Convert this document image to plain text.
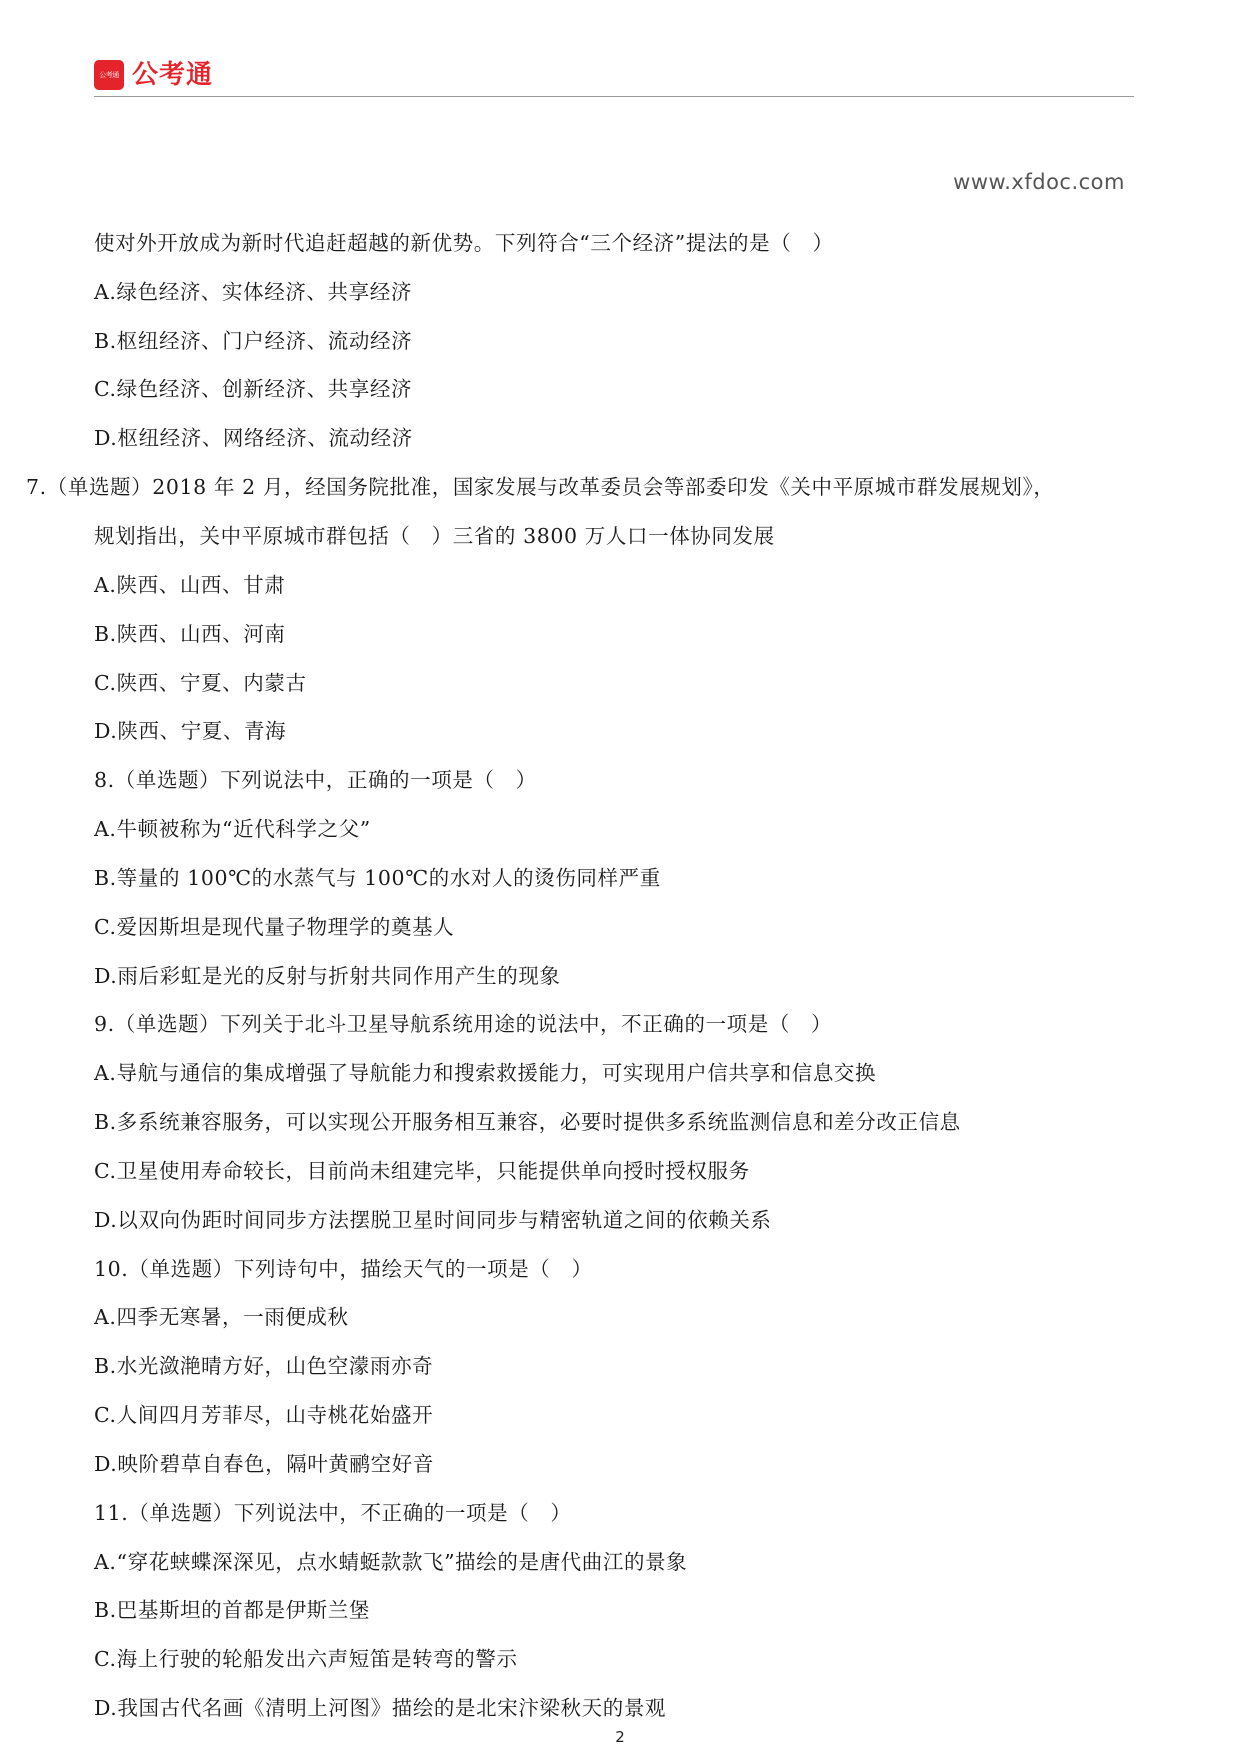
公考通 公考通
www.xfdoc.com
使对外开放成为新时代追赶超越的新优势。下列符合“三个经济”提法的是（　）
A.绿色经济、实体经济、共享经济
B.枢纽经济、门户经济、流动经济
C.绿色经济、创新经济、共享经济
D.枢纽经济、网络经济、流动经济
7.（单选题）2018 年 2 月，经国务院批准，国家发展与改革委员会等部委印发《关中平原城市群发展规划》，
规划指出，关中平原城市群包括（　）三省的 3800 万人口一体协同发展
A.陕西、山西、甘肃
B.陕西、山西、河南
C.陕西、宁夏、内蒙古
D.陕西、宁夏、青海
8.（单选题）下列说法中，正确的一项是（　）
A.牛顿被称为“近代科学之父”
B.等量的 100℃的水蒸气与 100℃的水对人的烫伤同样严重
C.爱因斯坦是现代量子物理学的奠基人
D.雨后彩虹是光的反射与折射共同作用产生的现象
9.（单选题）下列关于北斗卫星导航系统用途的说法中，不正确的一项是（　）
A.导航与通信的集成增强了导航能力和搜索救援能力，可实现用户信共享和信息交换
B.多系统兼容服务，可以实现公开服务相互兼容，必要时提供多系统监测信息和差分改正信息
C.卫星使用寿命较长，目前尚未组建完毕，只能提供单向授时授权服务
D.以双向伪距时间同步方法摆脱卫星时间同步与精密轨道之间的依赖关系
10.（单选题）下列诗句中，描绘天气的一项是（　）
A.四季无寒暑，一雨便成秋
B.水光潋滟晴方好，山色空濛雨亦奇
C.人间四月芳菲尽，山寺桃花始盛开
D.映阶碧草自春色，隔叶黄鹂空好音
11.（单选题）下列说法中，不正确的一项是（　）
A.“穿花蛱蝶深深见，点水蜻蜓款款飞”描绘的是唐代曲江的景象
B.巴基斯坦的首都是伊斯兰堡
C.海上行驶的轮船发出六声短笛是转弯的警示
D.我国古代名画《清明上河图》描绘的是北宋汴梁秋天的景观
2
